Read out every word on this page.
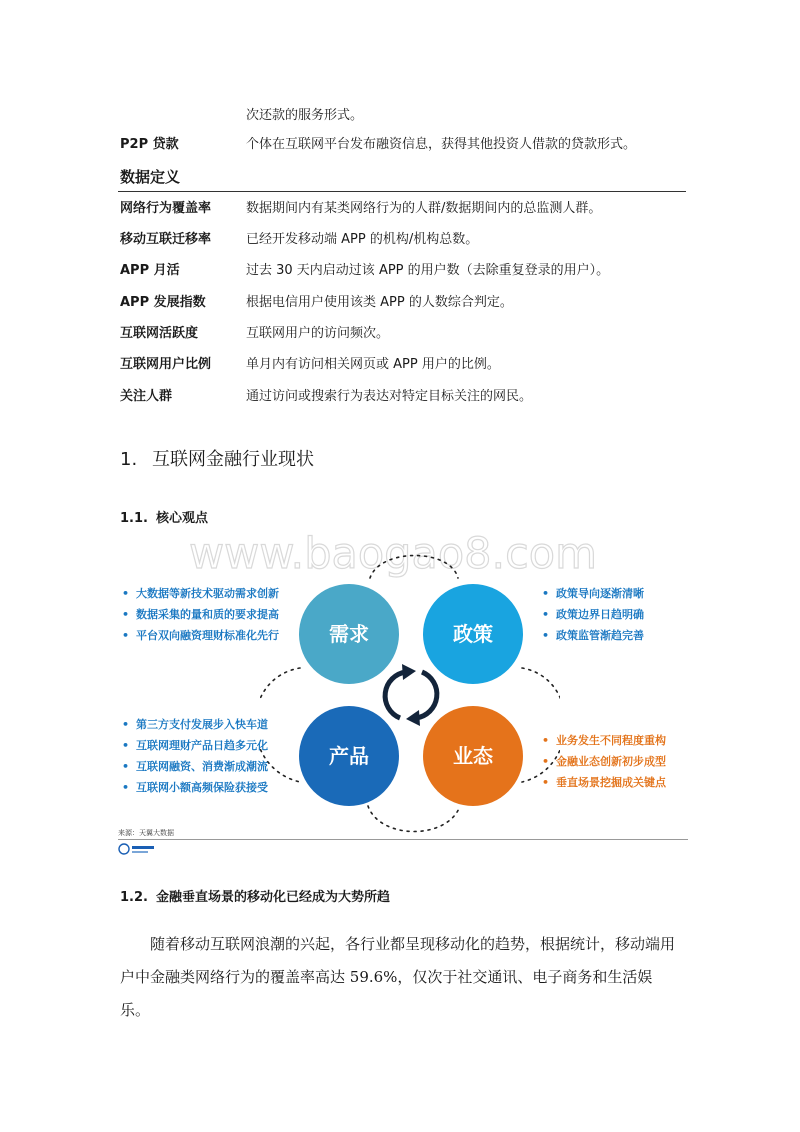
次还款的服务形式。
P2P 贷款	个体在互联网平台发布融资信息，获得其他投资人借款的贷款形式。
数据定义
网络行为覆盖率	数据期间内有某类网络行为的人群/数据期间内的总监测人群。
移动互联迁移率	已经开发移动端 APP 的机构/机构总数。
APP 月活	过去 30 天内启动过该 APP 的用户数（去除重复登录的用户）。
APP 发展指数	根据电信用户使用该类 APP 的人数综合判定。
互联网活跃度	互联网用户的访问频次。
互联网用户比例	单月内有访问相关网页或 APP 用户的比例。
关注人群	通过访问或搜索行为表达对特定目标关注的网民。
1. 互联网金融行业现状
1.1. 核心观点
www.baogao8.com
需求	政策
产品	业态
• 大数据等新技术驱动需求创新
• 数据采集的量和质的要求提高
• 平台双向融资理财标准化先行
• 政策导向逐渐清晰
• 政策边界日趋明确
• 政策监管渐趋完善
• 第三方支付发展步入快车道
• 互联网理财产品日趋多元化
• 互联网融资、消费渐成潮流
• 互联网小额高频保险获接受
• 业务发生不同程度重构
• 金融业态创新初步成型
• 垂直场景挖掘成关键点
来源：天翼大数据
1.2. 金融垂直场景的移动化已经成为大势所趋
随着移动互联网浪潮的兴起，各行业都呈现移动化的趋势，根据统计，移动端用户中金融类网络行为的覆盖率高达 59.6%，仅次于社交通讯、电子商务和生活娱乐。
